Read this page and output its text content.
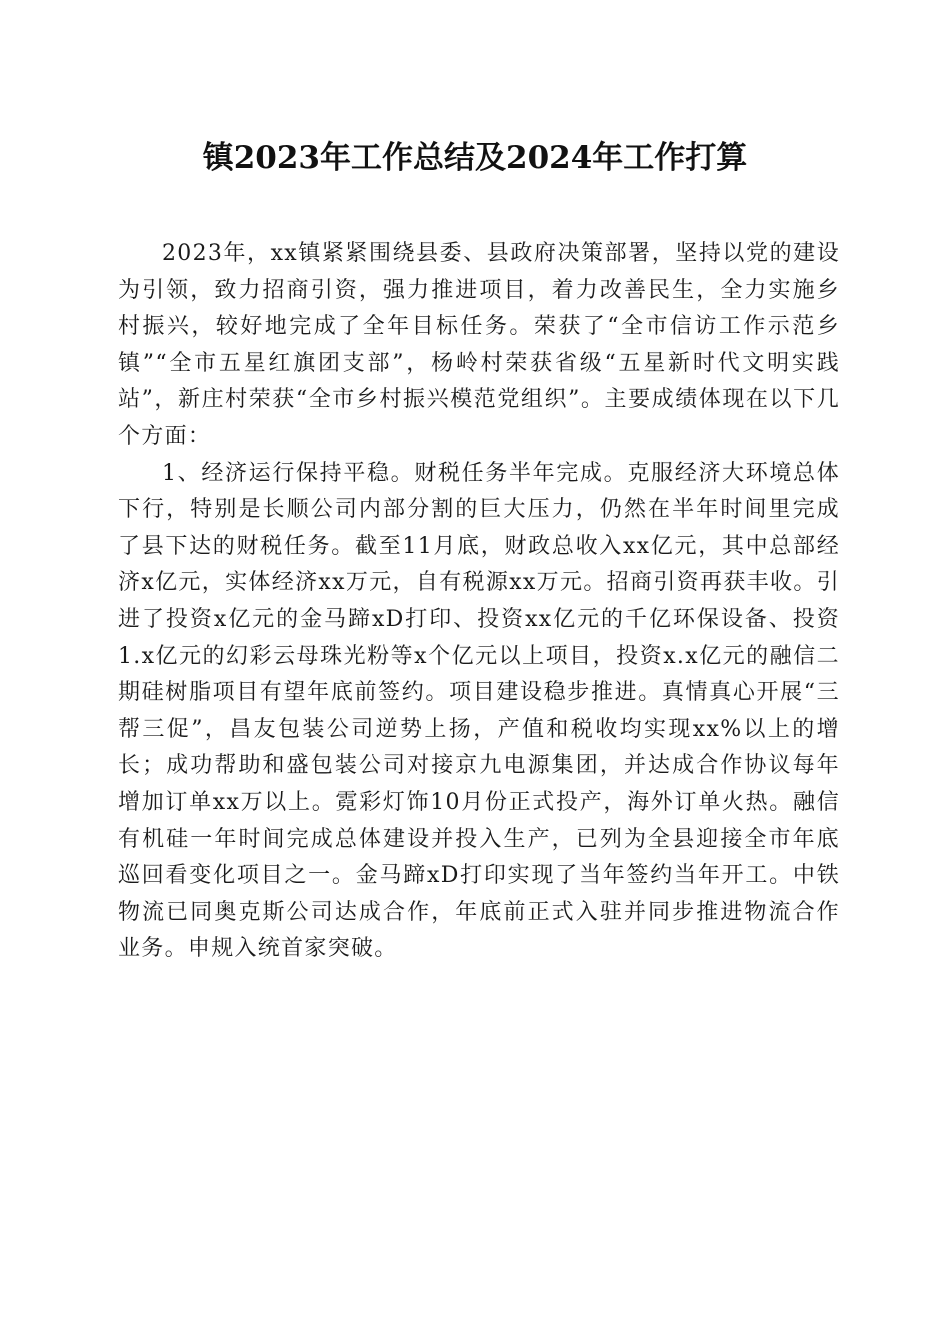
镇2023年工作总结及2024年工作打算

2023年，xx镇紧紧围绕县委、县政府决策部署，坚持以党的建设为引领，致力招商引资，强力推进项目，着力改善民生，全力实施乡村振兴，较好地完成了全年目标任务。荣获了“全市信访工作示范乡镇”“全市五星红旗团支部”，杨岭村荣获省级“五星新时代文明实践站”，新庄村荣获“全市乡村振兴模范党组织”。主要成绩体现在以下几个方面：

1、经济运行保持平稳。财税任务半年完成。克服经济大环境总体下行，特别是长顺公司内部分割的巨大压力，仍然在半年时间里完成了县下达的财税任务。截至11月底，财政总收入xx亿元，其中总部经济x亿元，实体经济xx万元，自有税源xx万元。招商引资再获丰收。引进了投资x亿元的金马蹄xD打印、投资xx亿元的千亿环保设备、投资1.x亿元的幻彩云母珠光粉等x个亿元以上项目，投资x.x亿元的融信二期硅树脂项目有望年底前签约。项目建设稳步推进。真情真心开展“三帮三促”，昌友包装公司逆势上扬，产值和税收均实现xx%以上的增长；成功帮助和盛包装公司对接京九电源集团，并达成合作协议每年增加订单xx万以上。霓彩灯饰10月份正式投产，海外订单火热。融信有机硅一年时间完成总体建设并投入生产，已列为全县迎接全市年底巡回看变化项目之一。金马蹄xD打印实现了当年签约当年开工。中铁物流已同奥克斯公司达成合作，年底前正式入驻并同步推进物流合作业务。申规入统首家突破。
